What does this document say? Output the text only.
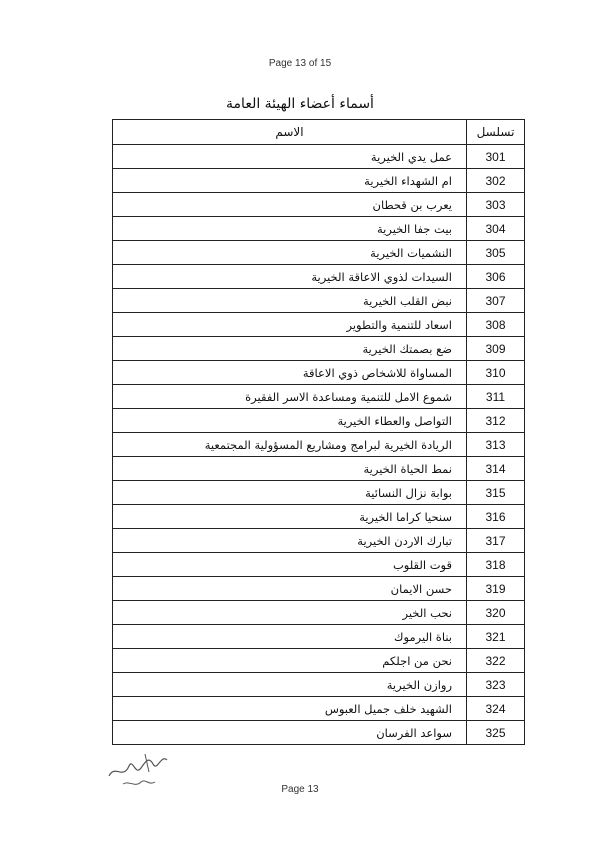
Page 13 of 15
أسماء أعضاء الهيئة العامة
الاسم	تسلسل
عمل يدي الخيرية	301
ام الشهداء الخيرية	302
يعرب بن قحطان	303
بيت جفا الخيرية	304
النشميات الخيرية	305
السيدات لذوي الاعاقة الخيرية	306
نبض القلب الخيرية	307
اسعاد للتنمية والتطوير	308
ضع بصمتك الخيرية	309
المساواة للاشخاص ذوي الاعاقة	310
شموع الامل للتنمية ومساعدة الاسر الفقيرة	311
التواصل والعطاء الخيرية	312
الريادة الخيرية لبرامج ومشاريع المسؤولية المجتمعية	313
نمط الحياة الخيرية	314
بوابة نزال النسائية	315
سنحيا كراما الخيرية	316
تبارك الاردن الخيرية	317
قوت القلوب	318
حسن الايمان	319
نحب الخير	320
بناة اليرموك	321
نحن من اجلكم	322
روازن الخيرية	323
الشهيد خلف جميل العبوس	324
سواعد الفرسان	325
Page 13
